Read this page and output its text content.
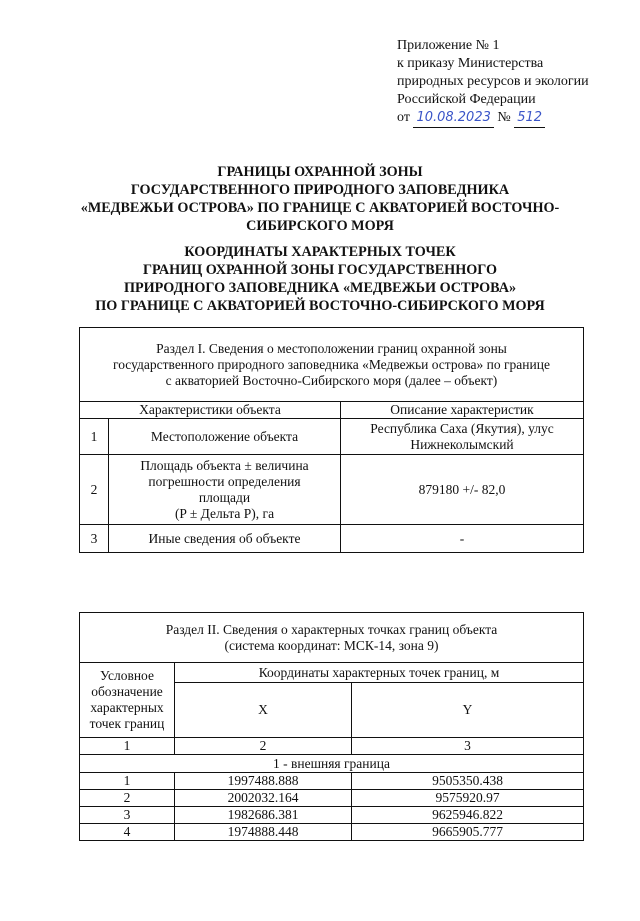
Приложение № 1
к приказу Министерства
природных ресурсов и экологии
Российской Федерации
от 10.08.2023 № 512
ГРАНИЦЫ ОХРАННОЙ ЗОНЫ
ГОСУДАРСТВЕННОГО ПРИРОДНОГО ЗАПОВЕДНИКА
«МЕДВЕЖЬИ ОСТРОВА» ПО ГРАНИЦЕ С АКВАТОРИЕЙ ВОСТОЧНО-
СИБИРСКОГО МОРЯ
КООРДИНАТЫ ХАРАКТЕРНЫХ ТОЧЕК
ГРАНИЦ ОХРАННОЙ ЗОНЫ ГОСУДАРСТВЕННОГО
ПРИРОДНОГО ЗАПОВЕДНИКА «МЕДВЕЖЬИ ОСТРОВА»
ПО ГРАНИЦЕ С АКВАТОРИЕЙ ВОСТОЧНО-СИБИРСКОГО МОРЯ
Раздел I. Сведения о местоположении границ охранной зоны
государственного природного заповедника «Медвежьи острова» по границе
с акваторией Восточно-Сибирского моря (далее – объект)		

Характеристики объекта		Описание характеристик
1	Местоположение объекта	Республика Саха (Якутия), улус
Нижнеколымский

2	Площадь объекта ± величина
погрешности определения
площади
(P ± Дельта P), га	879180 +/- 82,0

3	Иные сведения об объекте	-
Раздел II. Сведения о характерных точках границ объекта
(система координат: МСК-14, зона 9)		

Условное
обозначение
характерных
точек границ	Координаты характерных точек границ, м	
	X	Y
1	2	3
1 - внешняя граница		
1	1997488.888	9505350.438
2	2002032.164	9575920.97
3	1982686.381	9625946.822
4	1974888.448	9665905.777
